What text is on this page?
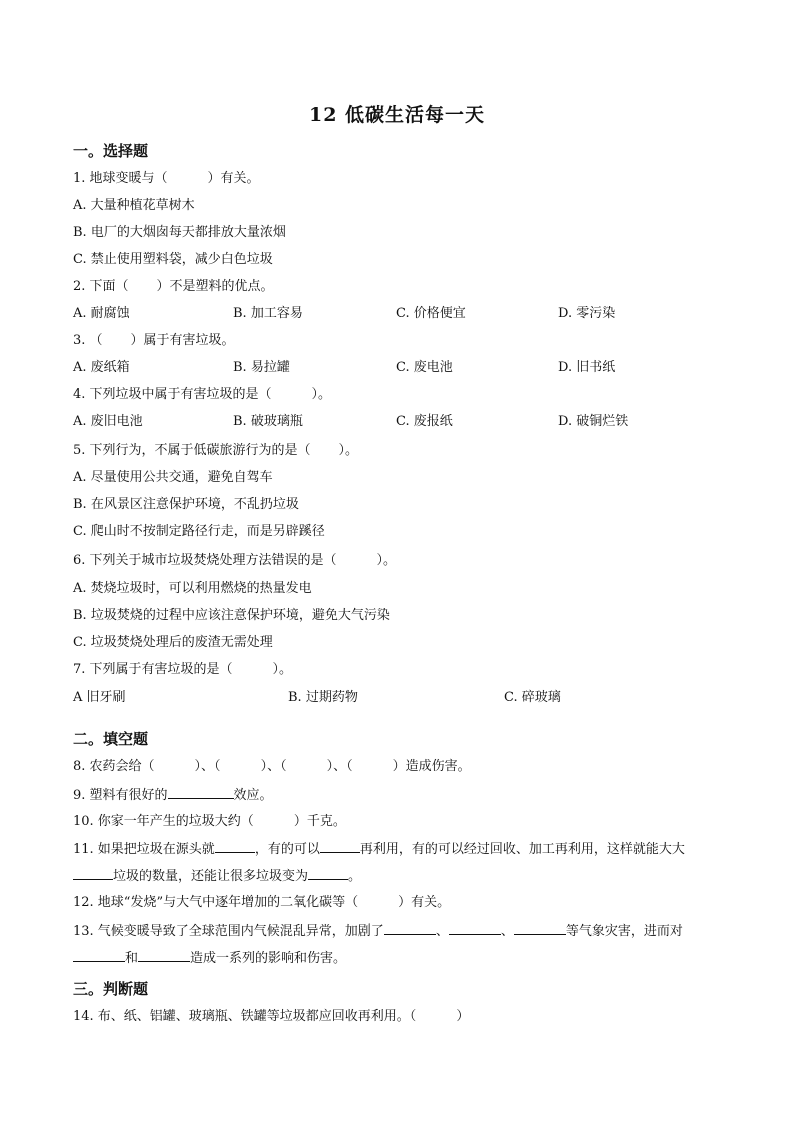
12 低碳生活每一天
一。选择题
1. 地球变暖与（	）有关。
A. 大量种植花草树木
B. 电厂的大烟囱每天都排放大量浓烟
C. 禁止使用塑料袋，减少白色垃圾
2. 下面（ ）不是塑料的优点。
A. 耐腐蚀	B. 加工容易	C. 价格便宜	D. 零污染
3. （ ）属于有害垃圾。
A. 废纸箱	B. 易拉罐	C. 废电池	D. 旧书纸
4. 下列垃圾中属于有害垃圾的是（	）。
A. 废旧电池	B. 破玻璃瓶	C. 废报纸	D. 破铜烂铁
5. 下列行为，不属于低碳旅游行为的是（ ）。
A. 尽量使用公共交通，避免自驾车
B. 在风景区注意保护环境，不乱扔垃圾
C. 爬山时不按制定路径行走，而是另辟蹊径
6. 下列关于城市垃圾焚烧处理方法错误的是（	）。
A. 焚烧垃圾时，可以利用燃烧的热量发电
B. 垃圾焚烧的过程中应该注意保护环境，避免大气污染
C. 垃圾焚烧处理后的废渣无需处理
7. 下列属于有害垃圾的是（	）。
A 旧牙刷	B. 过期药物	C. 碎玻璃
二。填空题
8. 农药会给（	）、（	）、（	）、（	）造成伤害。
9. 塑料有很好的	效应。
10. 你家一年产生的垃圾大约（	）千克。
11. 如果把垃圾在源头就	，有的可以	再利用，有的可以经过回收、加工再利用，这样就能大大
垃圾的数量，还能让很多垃圾变为	。
12. 地球“发烧”与大气中逐年增加的二氧化碳等（	）有关。
13. 气候变暖导致了全球范围内气候混乱异常，加剧了	、	、	等气象灾害，进而对
和	造成一系列的影响和伤害。
三。判断题
14. 布、纸、铝罐、玻璃瓶、铁罐等垃圾都应回收再利用。（	）
